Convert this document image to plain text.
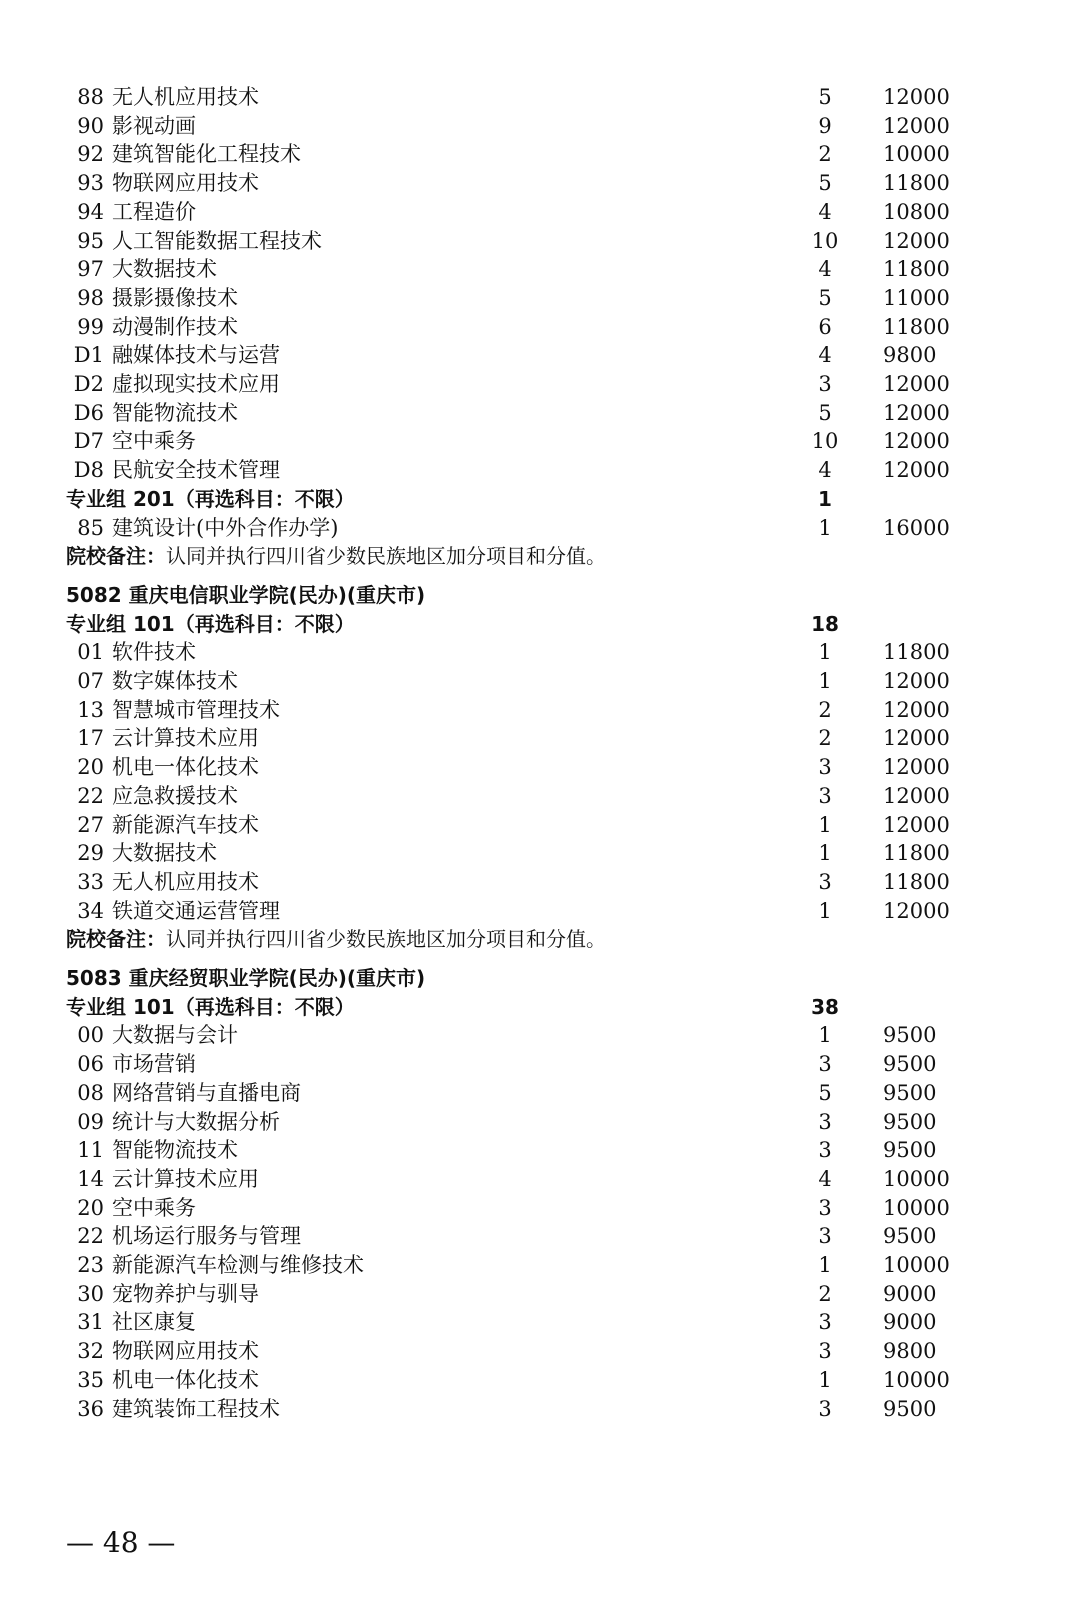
88 无人机应用技术	5	12000
90 影视动画	9	12000
92 建筑智能化工程技术	2	10000
93 物联网应用技术	5	11800
94 工程造价	4	10800
95 人工智能数据工程技术	10	12000
97 大数据技术	4	11800
98 摄影摄像技术	5	11000
99 动漫制作技术	6	11800
D1 融媒体技术与运营	4	9800
D2 虚拟现实技术应用	3	12000
D6 智能物流技术	5	12000
D7 空中乘务	10	12000
D8 民航安全技术管理	4	12000
专业组 201（再选科目：不限）	1
85 建筑设计(中外合作办学)	1	16000
院校备注：认同并执行四川省少数民族地区加分项目和分值。
5082 重庆电信职业学院(民办)(重庆市)
专业组 101（再选科目：不限）	18
01 软件技术	1	11800
07 数字媒体技术	1	12000
13 智慧城市管理技术	2	12000
17 云计算技术应用	2	12000
20 机电一体化技术	3	12000
22 应急救援技术	3	12000
27 新能源汽车技术	1	12000
29 大数据技术	1	11800
33 无人机应用技术	3	11800
34 铁道交通运营管理	1	12000
院校备注：认同并执行四川省少数民族地区加分项目和分值。
5083 重庆经贸职业学院(民办)(重庆市)
专业组 101（再选科目：不限）	38
00 大数据与会计	1	9500
06 市场营销	3	9500
08 网络营销与直播电商	5	9500
09 统计与大数据分析	3	9500
11 智能物流技术	3	9500
14 云计算技术应用	4	10000
20 空中乘务	3	10000
22 机场运行服务与管理	3	9500
23 新能源汽车检测与维修技术	1	10000
30 宠物养护与驯导	2	9000
31 社区康复	3	9000
32 物联网应用技术	3	9800
35 机电一体化技术	1	10000
36 建筑装饰工程技术	3	9500
— 48 —
